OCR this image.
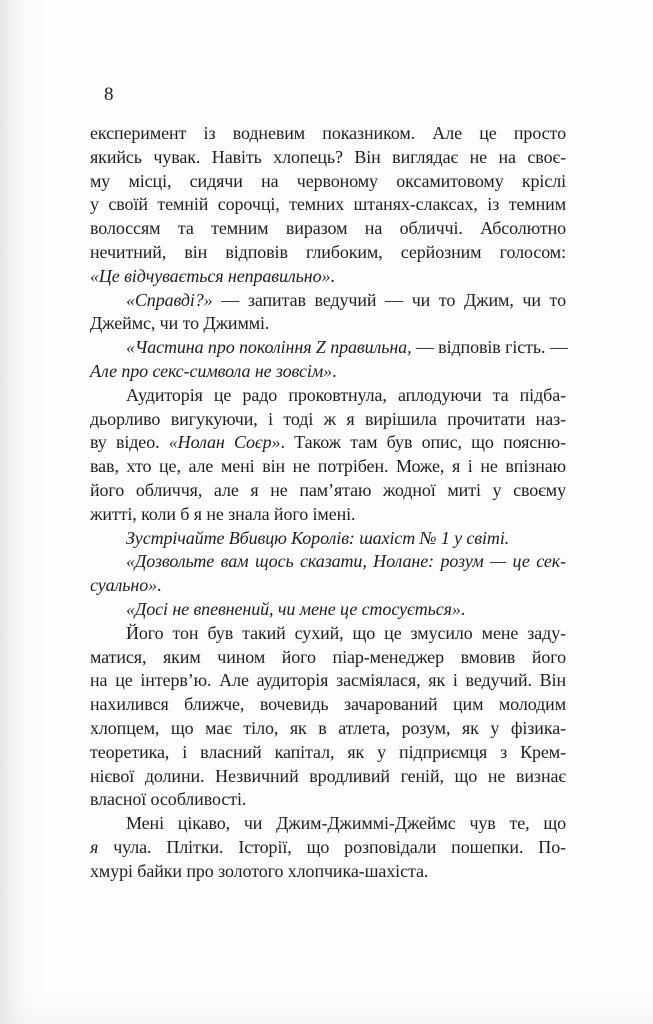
8
експеримент із водневим показником. Але це просто
якийсь чувак. Навіть хлопець? Він виглядає не на своє-
му місці, сидячи на червоному оксамитовому кріслі
у своїй темній сорочці, темних штанях-слаксах, із темним
волоссям та темним виразом на обличчі. Абсолютно
нечитний, він відповів глибоким, серйозним голосом:
«Це відчувається неправильно».
«Справді?» — запитав ведучий — чи то Джим, чи то
Джеймс, чи то Джиммі.
«Частина про покоління Z правильна, — відповів гість. —
Але про секс-символа не зовсім».
Аудиторія це радо проковтнула, аплодуючи та підба-
дьорливо вигукуючи, і тоді ж я вирішила прочитати наз-
ву відео. «Нолан Соєр». Також там був опис, що поясню-
вав, хто це, але мені він не потрібен. Може, я і не впізнаю
його обличчя, але я не пам’ятаю жодної миті у своєму
житті, коли б я не знала його імені.
Зустрічайте Вбивцю Королів: шахіст № 1 у світі.
«Дозвольте вам щось сказати, Нолане: розум — це сек-
суально».
«Досі не впевнений, чи мене це стосується».
Його тон був такий сухий, що це змусило мене заду-
матися, яким чином його піар-менеджер вмовив його
на це інтерв’ю. Але аудиторія засміялася, як і ведучий. Він
нахилився ближче, вочевидь зачарований цим молодим
хлопцем, що має тіло, як в атлета, розум, як у фізика-
теоретика, і власний капітал, як у підприємця з Крем-
нієвої долини. Незвичний вродливий геній, що не визнає
власної особливості.
Мені цікаво, чи Джим-Джиммі-Джеймс чув те, що
я чула. Плітки. Історії, що розповідали пошепки. По-
хмурі байки про золотого хлопчика-шахіста.
